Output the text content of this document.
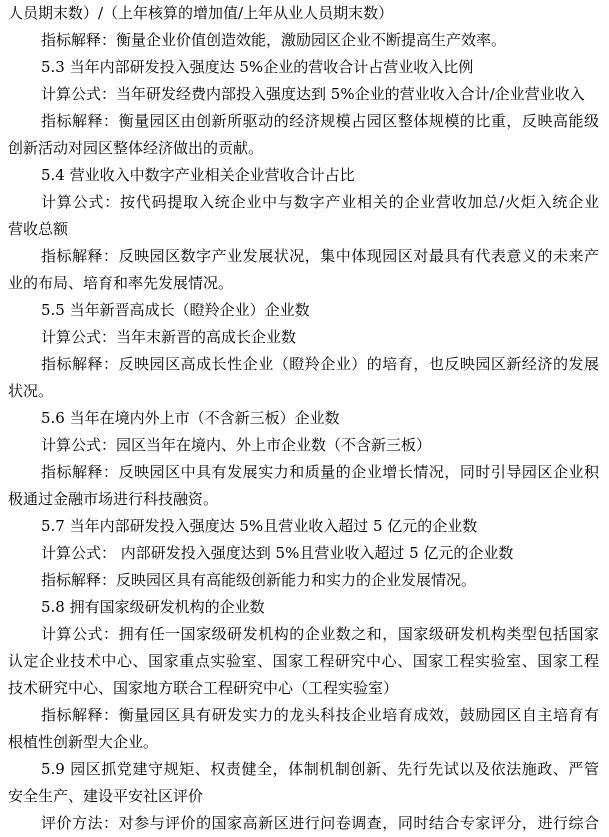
人员期末数）/（上年核算的增加值/上年从业人员期末数）
指标解释：衡量企业价值创造效能，激励园区企业不断提高生产效率。
5.3 当年内部研发投入强度达 5%企业的营收合计占营业收入比例
计算公式：当年研发经费内部投入强度达到 5%企业的营业收入合计/企业营业收入
指标解释：衡量园区由创新所驱动的经济规模占园区整体规模的比重，反映高能级
创新活动对园区整体经济做出的贡献。
5.4 营业收入中数字产业相关企业营收合计占比
计算公式：按代码提取入统企业中与数字产业相关的企业营收加总/火炬入统企业
营收总额
指标解释：反映园区数字产业发展状况，集中体现园区对最具有代表意义的未来产
业的布局、培育和率先发展情况。
5.5 当年新晋高成长（瞪羚企业）企业数
计算公式：当年末新晋的高成长企业数
指标解释：反映园区高成长性企业（瞪羚企业）的培育，也反映园区新经济的发展
状况。
5.6 当年在境内外上市（不含新三板）企业数
计算公式：园区当年在境内、外上市企业数（不含新三板）
指标解释：反映园区中具有发展实力和质量的企业增长情况，同时引导园区企业积
极通过金融市场进行科技融资。
5.7 当年内部研发投入强度达 5%且营业收入超过 5 亿元的企业数
计算公式： 内部研发投入强度达到 5%且营业收入超过 5 亿元的企业数
指标解释：反映园区具有高能级创新能力和实力的企业发展情况。
5.8 拥有国家级研发机构的企业数
计算公式：拥有任一国家级研发机构的企业数之和，国家级研发机构类型包括国家
认定企业技术中心、国家重点实验室、国家工程研究中心、国家工程实验室、国家工程
技术研究中心、国家地方联合工程研究中心（工程实验室）
指标解释：衡量园区具有研发实力的龙头科技企业培育成效，鼓励园区自主培育有
根植性创新型大企业。
5.9 园区抓党建守规矩、权责健全，体制机制创新、先行先试以及依法施政、严管
安全生产、建设平安社区评价
评价方法：对参与评价的国家高新区进行问卷调查，同时结合专家评分，进行综合
